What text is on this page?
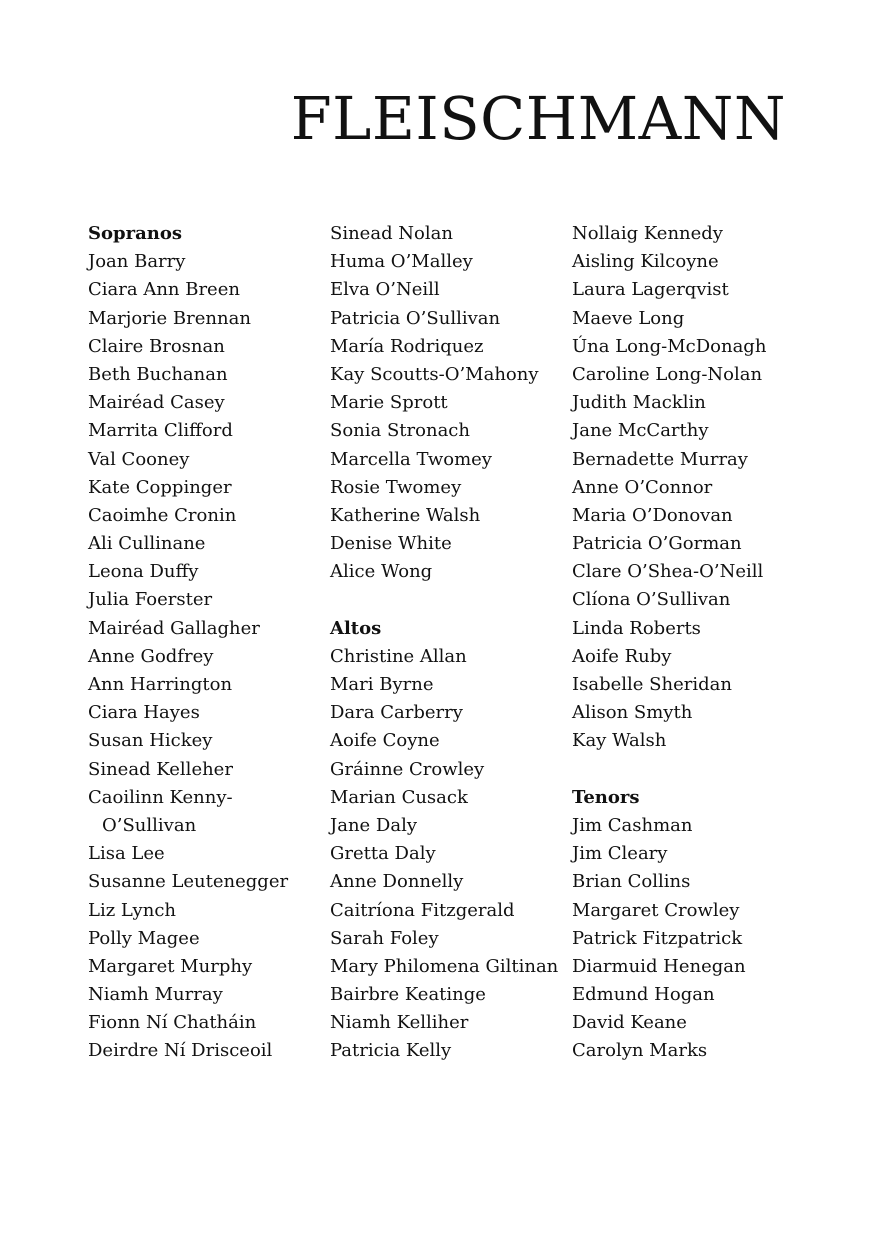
FLEISCHMANN
Sopranos
Joan Barry
Ciara Ann Breen
Marjorie Brennan
Claire Brosnan
Beth Buchanan
Mairéad Casey
Marrita Clifford
Val Cooney
Kate Coppinger
Caoimhe Cronin
Ali Cullinane
Leona Duffy
Julia Foerster
Mairéad Gallagher
Anne Godfrey
Ann Harrington
Ciara Hayes
Susan Hickey
Sinead Kelleher
Caoilinn Kenny-
O’Sullivan
Lisa Lee
Susanne Leutenegger
Liz Lynch
Polly Magee
Margaret Murphy
Niamh Murray
Fionn Ní Chatháin
Deirdre Ní Drisceoil
Sinead Nolan
Huma O’Malley
Elva O’Neill
Patricia O’Sullivan
María Rodriquez
Kay Scoutts-O’Mahony
Marie Sprott
Sonia Stronach
Marcella Twomey
Rosie Twomey
Katherine Walsh
Denise White
Alice Wong
Altos
Christine Allan
Mari Byrne
Dara Carberry
Aoife Coyne
Gráinne Crowley
Marian Cusack
Jane Daly
Gretta Daly
Anne Donnelly
Caitríona Fitzgerald
Sarah Foley
Mary Philomena Giltinan
Bairbre Keatinge
Niamh Kelliher
Patricia Kelly
Nollaig Kennedy
Aisling Kilcoyne
Laura Lagerqvist
Maeve Long
Úna Long-McDonagh
Caroline Long-Nolan
Judith Macklin
Jane McCarthy
Bernadette Murray
Anne O’Connor
Maria O’Donovan
Patricia O’Gorman
Clare O’Shea-O’Neill
Clíona O’Sullivan
Linda Roberts
Aoife Ruby
Isabelle Sheridan
Alison Smyth
Kay Walsh
Tenors
Jim Cashman
Jim Cleary
Brian Collins
Margaret Crowley
Patrick Fitzpatrick
Diarmuid Henegan
Edmund Hogan
David Keane
Carolyn Marks
